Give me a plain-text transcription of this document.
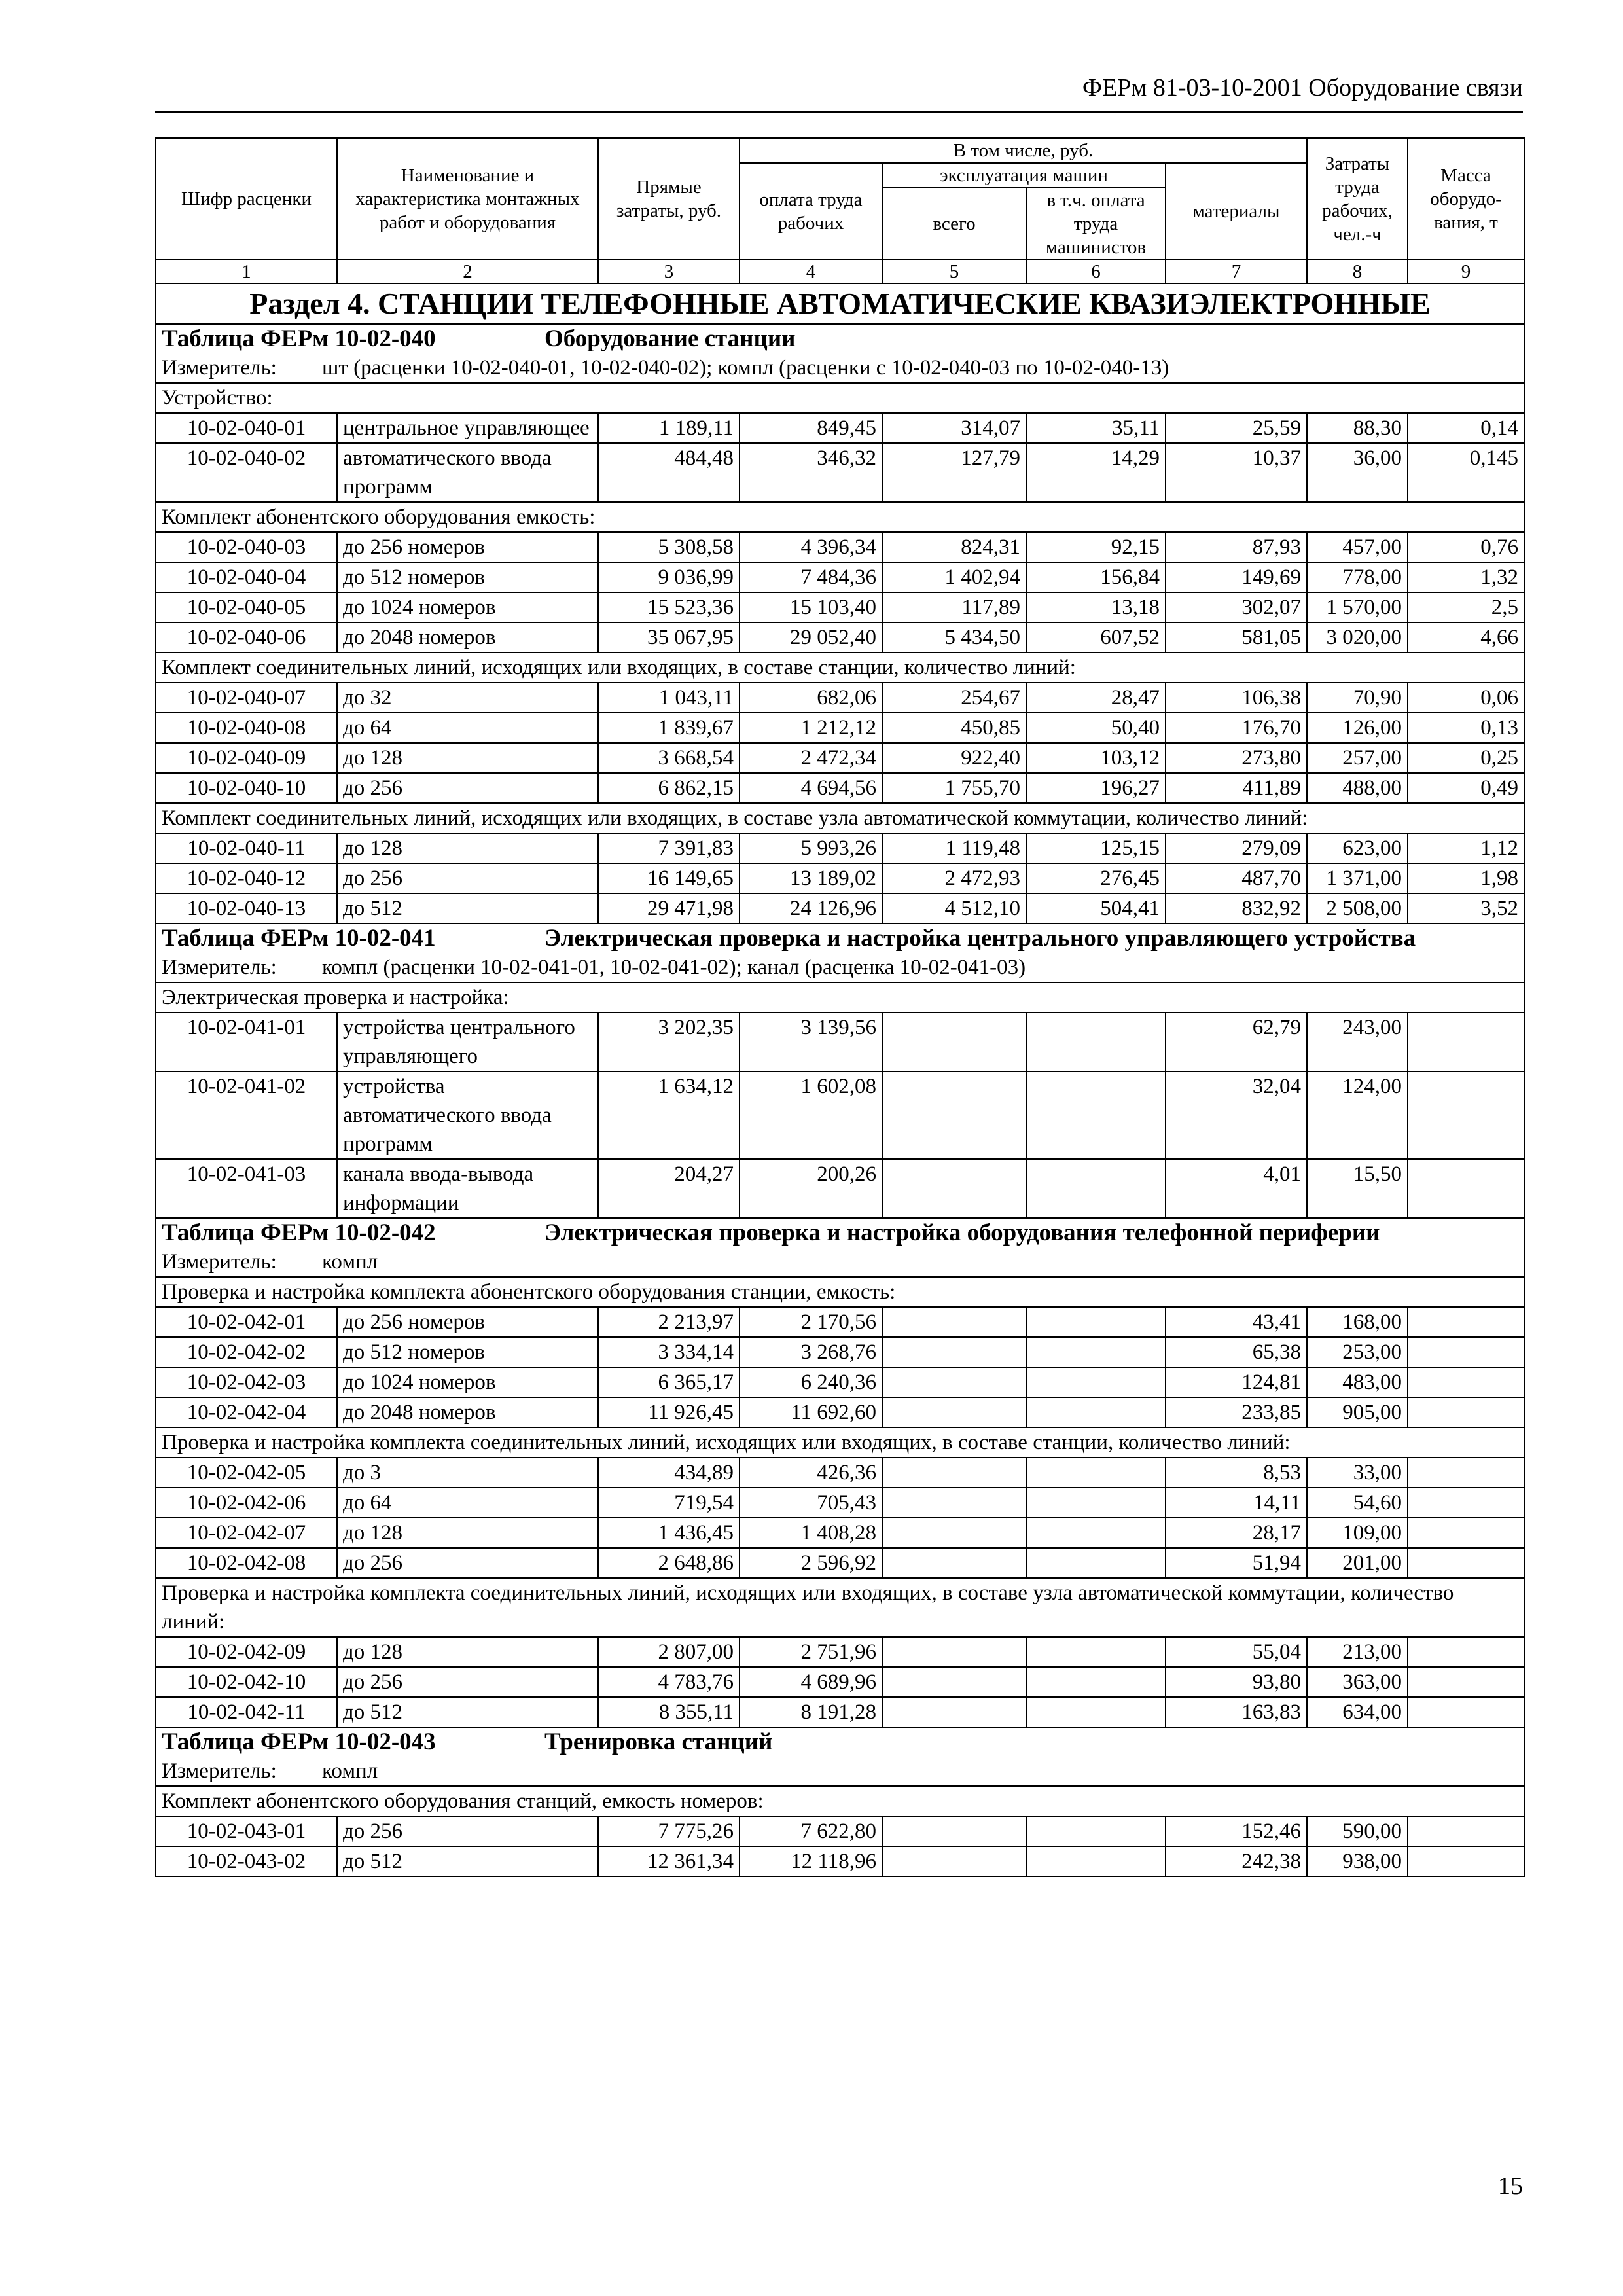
ФЕРм 81-03-10-2001 Оборудование связи
Шифр расценки	Наименование и характеристика монтажных работ и оборудования	Прямые затраты, руб.	В том числе, руб.				Затраты труда рабочих, чел.-ч	Масса оборудо-вания, т
			оплата труда рабочих	эксплуатация машин		материалы		
				всего	в т.ч. оплата труда машинистов			
1	2	3	4	5	6	7	8	9
Раздел 4. СТАНЦИИ ТЕЛЕФОННЫЕ АВТОМАТИЧЕСКИЕ КВАЗИЭЛЕКТРОННЫЕ								
Таблица ФЕРм 10-02-040 Оборудование станции								
Измеритель: шт (расценки 10-02-040-01, 10-02-040-02); компл (расценки с 10-02-040-03 по 10-02-040-13)								
Устройство:								
10-02-040-01	центральное управляющее	1 189,11	849,45	314,07	35,11	25,59	88,30	0,14
10-02-040-02	автоматического ввода программ	484,48	346,32	127,79	14,29	10,37	36,00	0,145
Комплект абонентского оборудования емкость:								
10-02-040-03	до 256 номеров	5 308,58	4 396,34	824,31	92,15	87,93	457,00	0,76
10-02-040-04	до 512 номеров	9 036,99	7 484,36	1 402,94	156,84	149,69	778,00	1,32
10-02-040-05	до 1024 номеров	15 523,36	15 103,40	117,89	13,18	302,07	1 570,00	2,5
10-02-040-06	до 2048 номеров	35 067,95	29 052,40	5 434,50	607,52	581,05	3 020,00	4,66
Комплект соединительных линий, исходящих или входящих, в составе станции, количество линий:								
10-02-040-07	до 32	1 043,11	682,06	254,67	28,47	106,38	70,90	0,06
10-02-040-08	до 64	1 839,67	1 212,12	450,85	50,40	176,70	126,00	0,13
10-02-040-09	до 128	3 668,54	2 472,34	922,40	103,12	273,80	257,00	0,25
10-02-040-10	до 256	6 862,15	4 694,56	1 755,70	196,27	411,89	488,00	0,49
Комплект соединительных линий, исходящих или входящих, в составе узла автоматической коммутации, количество линий:								
10-02-040-11	до 128	7 391,83	5 993,26	1 119,48	125,15	279,09	623,00	1,12
10-02-040-12	до 256	16 149,65	13 189,02	2 472,93	276,45	487,70	1 371,00	1,98
10-02-040-13	до 512	29 471,98	24 126,96	4 512,10	504,41	832,92	2 508,00	3,52
Таблица ФЕРм 10-02-041 Электрическая проверка и настройка центрального управляющего устройства								
Измеритель: компл (расценки 10-02-041-01, 10-02-041-02); канал (расценка 10-02-041-03)								
Электрическая проверка и настройка:								
10-02-041-01	устройства центрального управляющего	3 202,35	3 139,56			62,79	243,00	
10-02-041-02	устройства автоматического ввода программ	1 634,12	1 602,08			32,04	124,00	
10-02-041-03	канала ввода-вывода информации	204,27	200,26			4,01	15,50	
Таблица ФЕРм 10-02-042 Электрическая проверка и настройка оборудования телефонной периферии								
Измеритель: компл								
Проверка и настройка комплекта абонентского оборудования станции, емкость:								
10-02-042-01	до 256 номеров	2 213,97	2 170,56			43,41	168,00	
10-02-042-02	до 512 номеров	3 334,14	3 268,76			65,38	253,00	
10-02-042-03	до 1024 номеров	6 365,17	6 240,36			124,81	483,00	
10-02-042-04	до 2048 номеров	11 926,45	11 692,60			233,85	905,00	
Проверка и настройка комплекта соединительных линий, исходящих или входящих, в составе станции, количество линий:								
10-02-042-05	до 3	434,89	426,36			8,53	33,00	
10-02-042-06	до 64	719,54	705,43			14,11	54,60	
10-02-042-07	до 128	1 436,45	1 408,28			28,17	109,00	
10-02-042-08	до 256	2 648,86	2 596,92			51,94	201,00	
Проверка и настройка комплекта соединительных линий, исходящих или входящих, в составе узла автоматической коммутации, количество линий:								
10-02-042-09	до 128	2 807,00	2 751,96			55,04	213,00	
10-02-042-10	до 256	4 783,76	4 689,96			93,80	363,00	
10-02-042-11	до 512	8 355,11	8 191,28			163,83	634,00	
Таблица ФЕРм 10-02-043 Тренировка станций								
Измеритель: компл								
Комплект абонентского оборудования станций, емкость номеров:								
10-02-043-01	до 256	7 775,26	7 622,80			152,46	590,00	
10-02-043-02	до 512	12 361,34	12 118,96			242,38	938,00	
15
